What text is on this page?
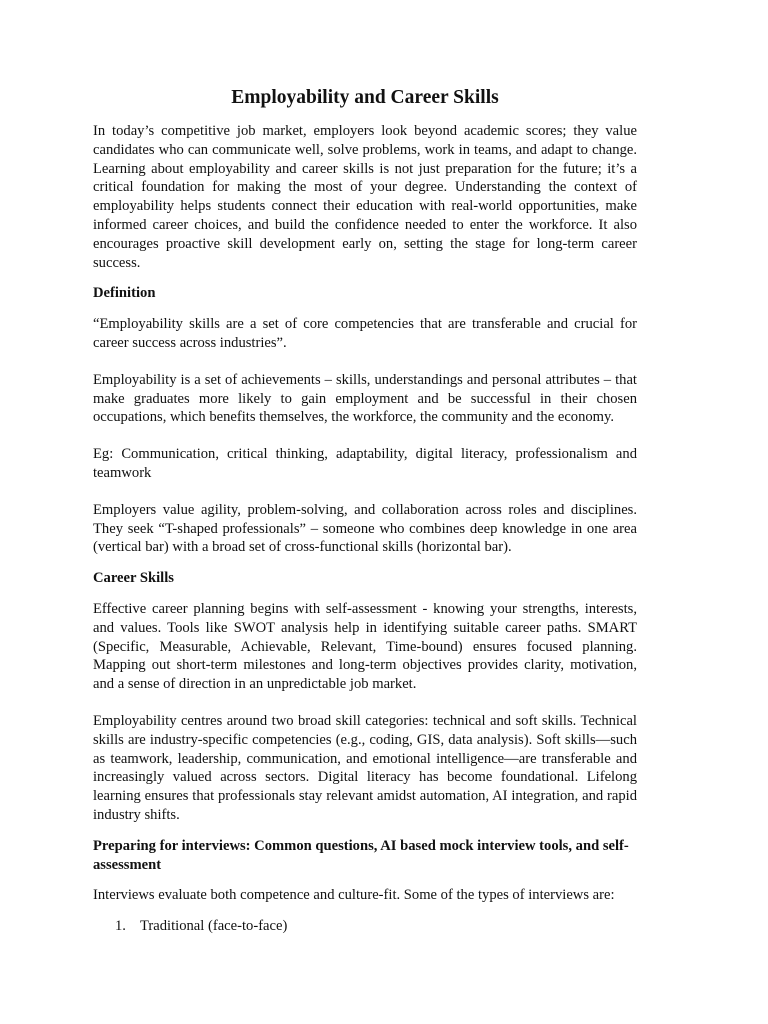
Employability and Career Skills

In today’s competitive job market, employers look beyond academic scores; they value candidates who can communicate well, solve problems, work in teams, and adapt to change. Learning about employability and career skills is not just preparation for the future; it’s a critical foundation for making the most of your degree. Understanding the context of employability helps students connect their education with real-world opportunities, make informed career choices, and build the confidence needed to enter the workforce. It also encourages proactive skill development early on, setting the stage for long-term career success.

Definition

“Employability skills are a set of core competencies that are transferable and crucial for career success across industries”.

Employability is a set of achievements – skills, understandings and personal attributes – that make graduates more likely to gain employment and be successful in their chosen occupations, which benefits themselves, the workforce, the community and the economy.

Eg: Communication, critical thinking, adaptability, digital literacy, professionalism and teamwork

Employers value agility, problem-solving, and collaboration across roles and disciplines. They seek “T-shaped professionals” – someone who combines deep knowledge in one area (vertical bar) with a broad set of cross-functional skills (horizontal bar).

Career Skills

Effective career planning begins with self-assessment - knowing your strengths, interests, and values. Tools like SWOT analysis help in identifying suitable career paths. SMART (Specific, Measurable, Achievable, Relevant, Time-bound) ensures focused planning. Mapping out short-term milestones and long-term objectives provides clarity, motivation, and a sense of direction in an unpredictable job market.

Employability centres around two broad skill categories: technical and soft skills. Technical skills are industry-specific competencies (e.g., coding, GIS, data analysis). Soft skills—such as teamwork, leadership, communication, and emotional intelligence—are transferable and increasingly valued across sectors. Digital literacy has become foundational. Lifelong learning ensures that professionals stay relevant amidst automation, AI integration, and rapid industry shifts.

Preparing for interviews: Common questions, AI based mock interview tools, and self-assessment

Interviews evaluate both competence and culture-fit. Some of the types of interviews are:

1. Traditional (face-to-face)
